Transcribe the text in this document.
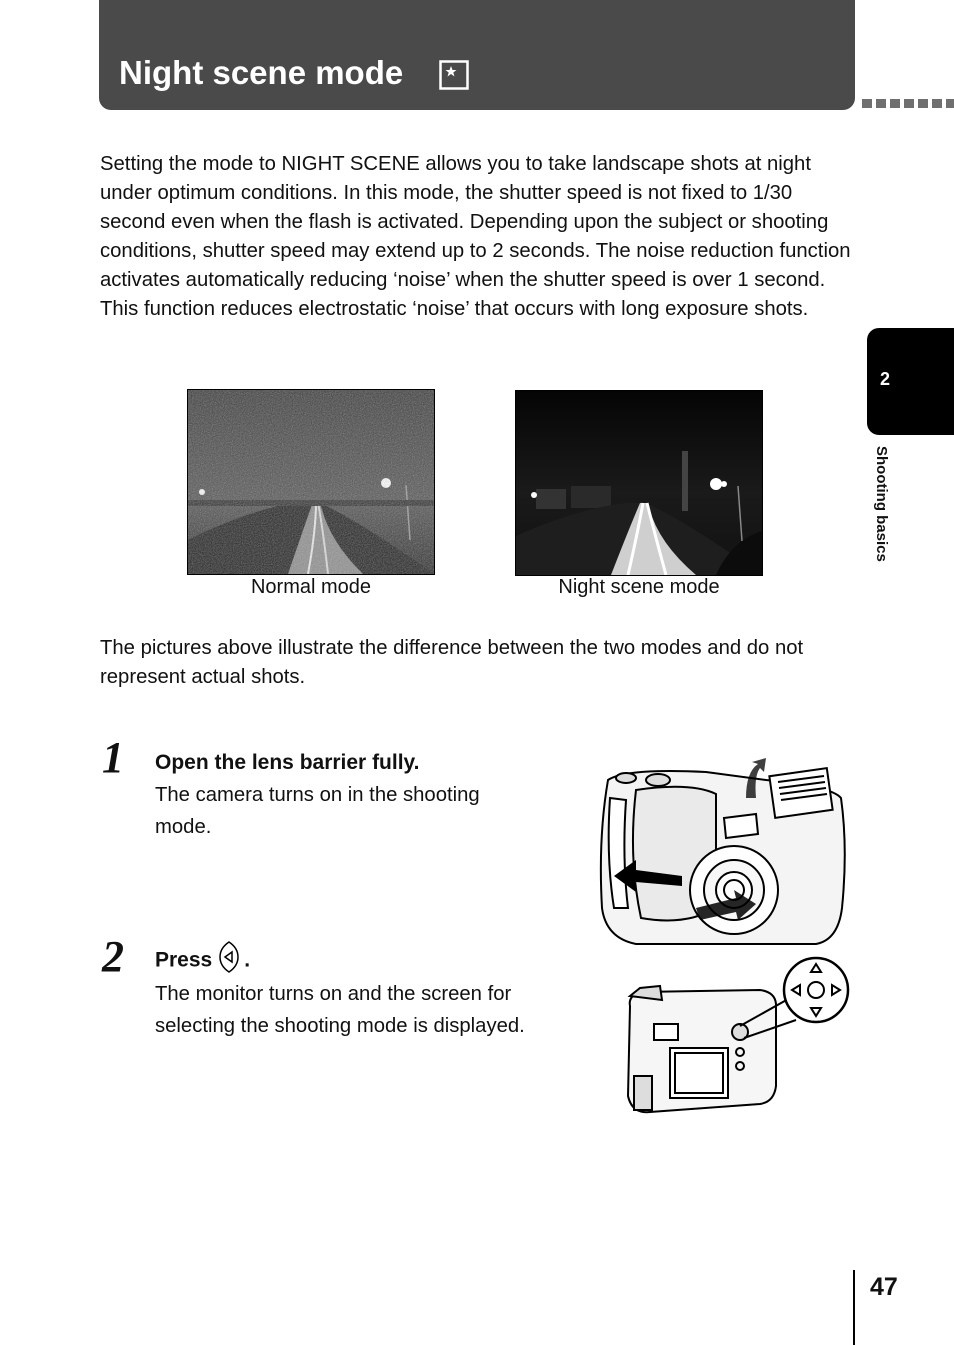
Night scene mode

Setting the mode to NIGHT SCENE allows you to take landscape shots at night under optimum conditions. In this mode, the shutter speed is not fixed to 1/30 second even when the flash is activated. Depending upon the subject or shooting conditions, shutter speed may extend up to 2 seconds. The noise reduction function activates automatically reducing ‘noise’ when the shutter speed is over 1 second. This function reduces electrostatic ‘noise’ that occurs with long exposure shots.

Normal mode	Night scene mode

The pictures above illustrate the difference between the two modes and do not represent actual shots.

1 Open the lens barrier fully.

The camera turns on in the shooting mode.

2 Press .

The monitor turns on and the screen for selecting the shooting mode is displayed.

2
Shooting basics
47
